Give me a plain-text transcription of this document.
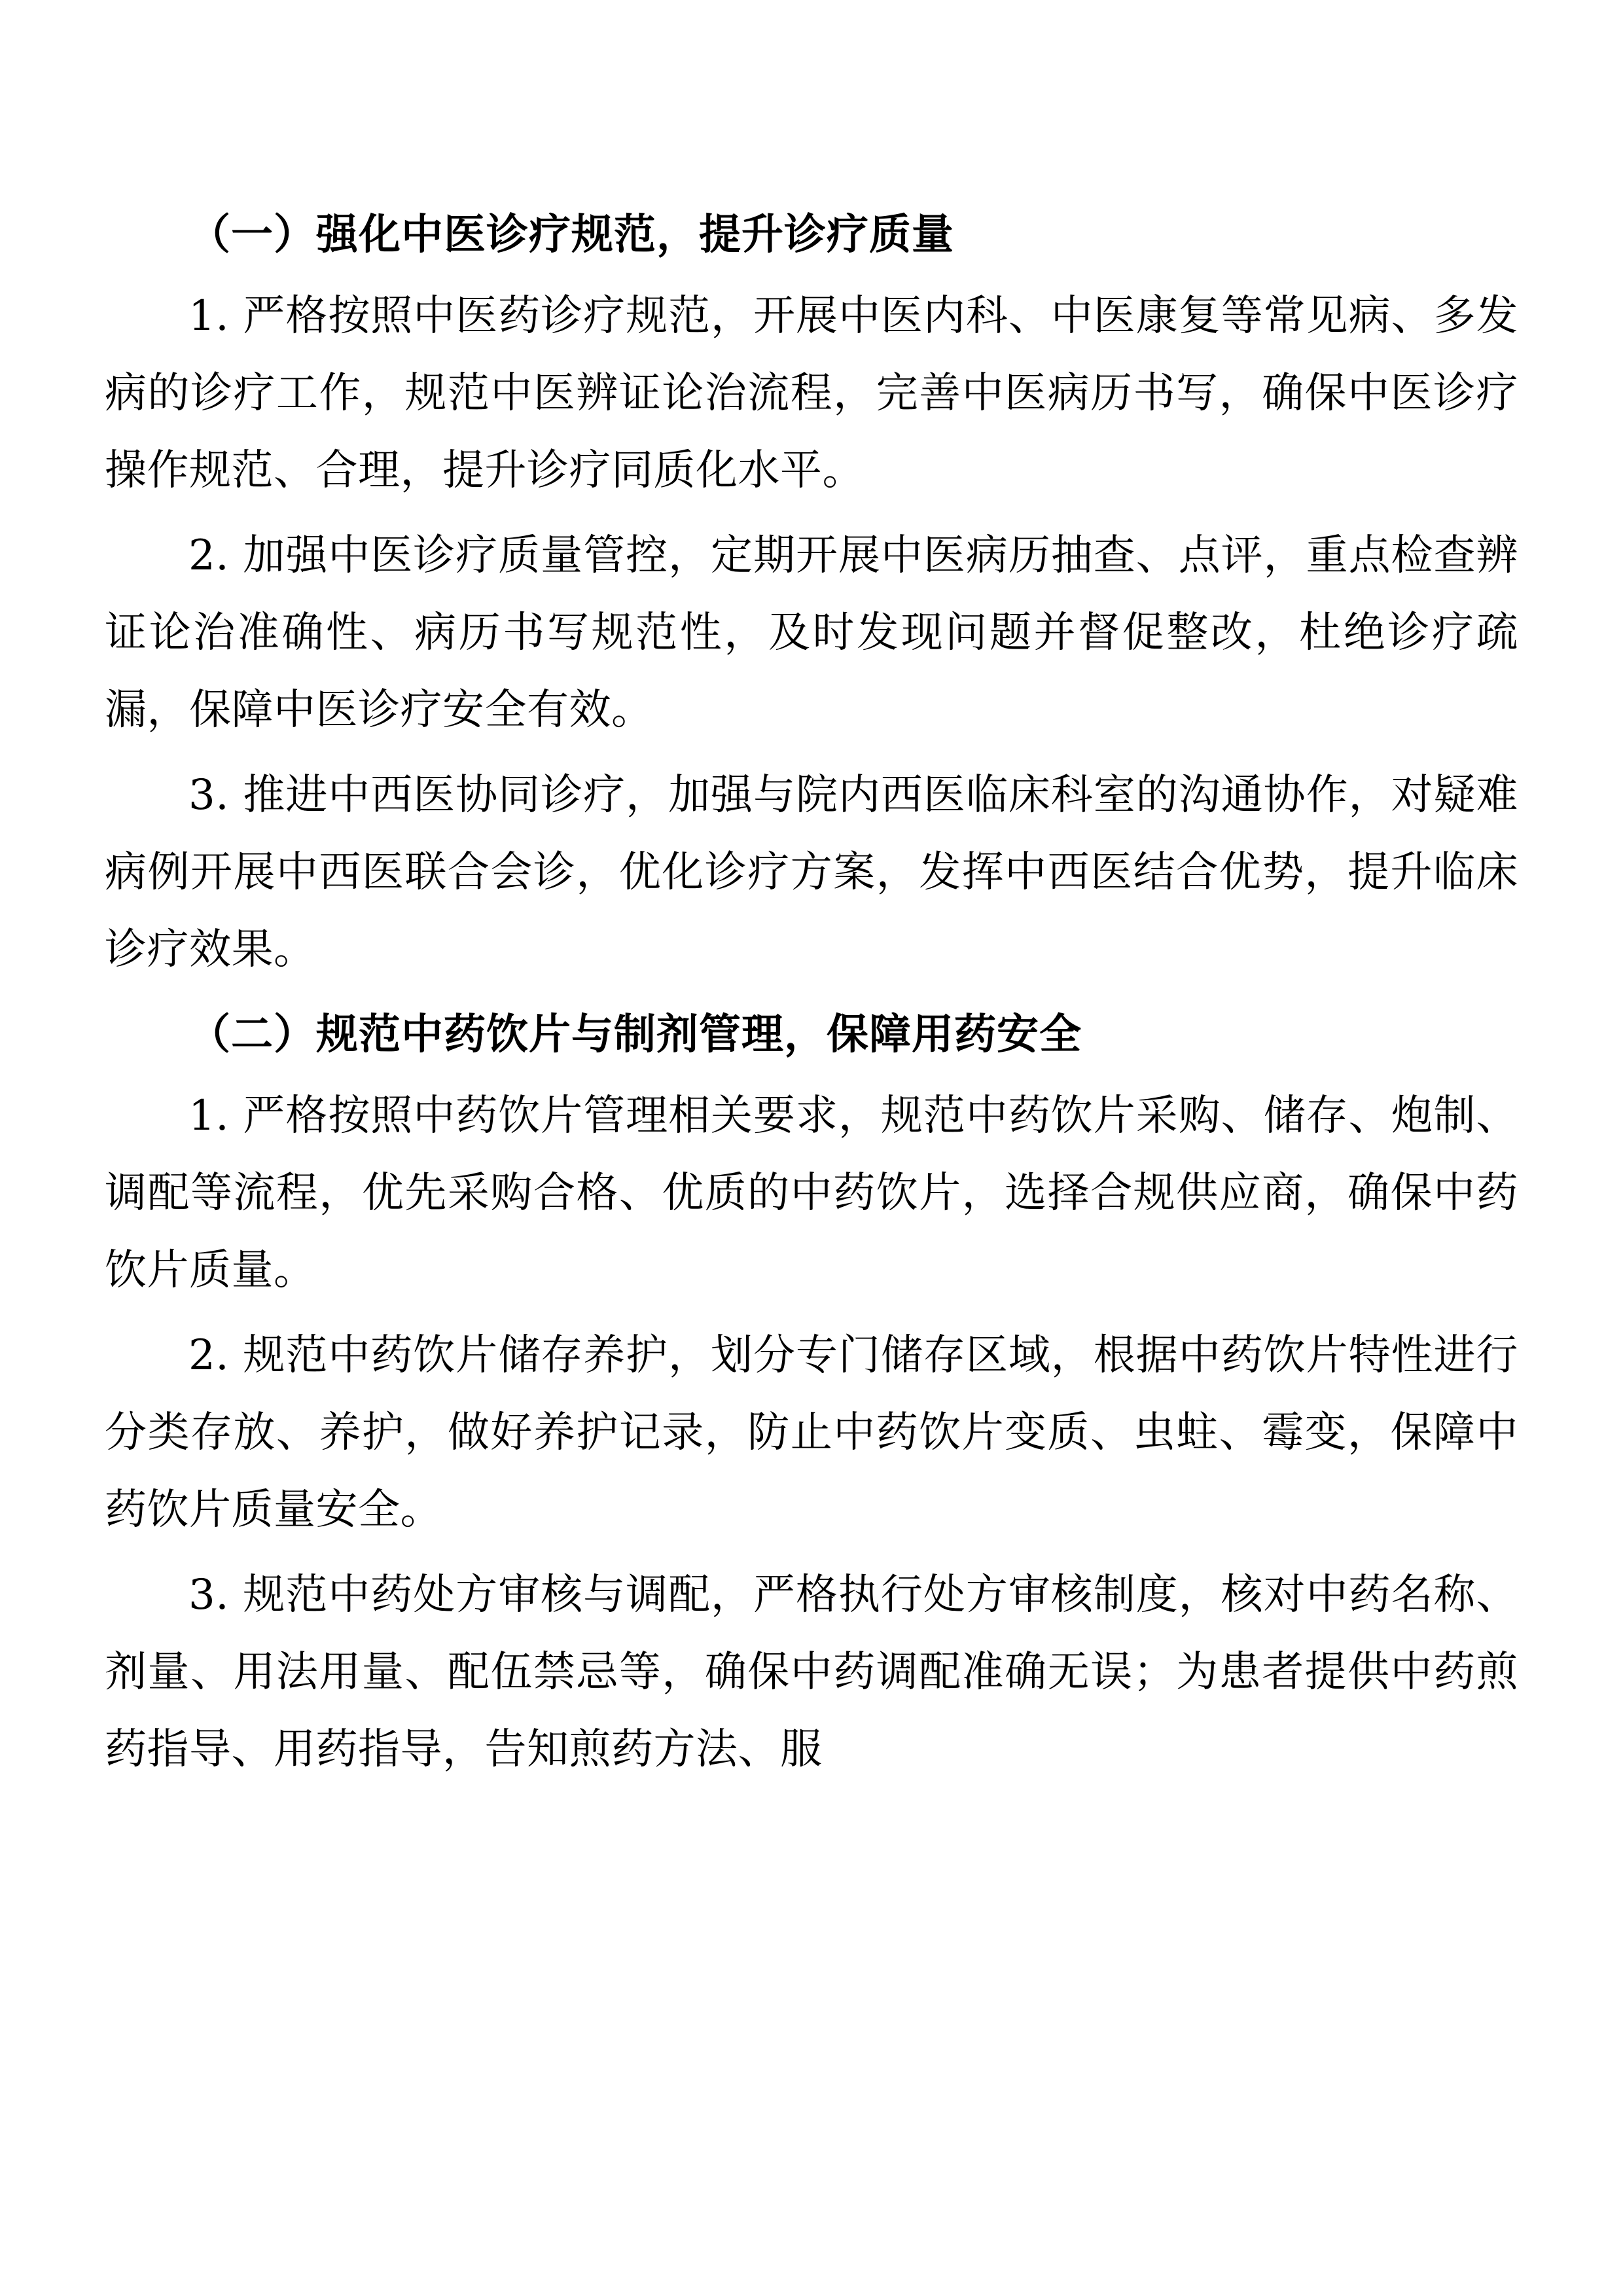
（一）强化中医诊疗规范，提升诊疗质量

1. 严格按照中医药诊疗规范，开展中医内科、中医康复等常见病、多发病的诊疗工作，规范中医辨证论治流程，完善中医病历书写，确保中医诊疗操作规范、合理，提升诊疗同质化水平。

2. 加强中医诊疗质量管控，定期开展中医病历抽查、点评，重点检查辨证论治准确性、病历书写规范性，及时发现问题并督促整改，杜绝诊疗疏漏，保障中医诊疗安全有效。

3. 推进中西医协同诊疗，加强与院内西医临床科室的沟通协作，对疑难病例开展中西医联合会诊，优化诊疗方案，发挥中西医结合优势，提升临床诊疗效果。

（二）规范中药饮片与制剂管理，保障用药安全

1. 严格按照中药饮片管理相关要求，规范中药饮片采购、储存、炮制、调配等流程，优先采购合格、优质的中药饮片，选择合规供应商，确保中药饮片质量。

2. 规范中药饮片储存养护，划分专门储存区域，根据中药饮片特性进行分类存放、养护，做好养护记录，防止中药饮片变质、虫蛀、霉变，保障中药饮片质量安全。

3. 规范中药处方审核与调配，严格执行处方审核制度，核对中药名称、剂量、用法用量、配伍禁忌等，确保中药调配准确无误；为患者提供中药煎药指导、用药指导，告知煎药方法、服
